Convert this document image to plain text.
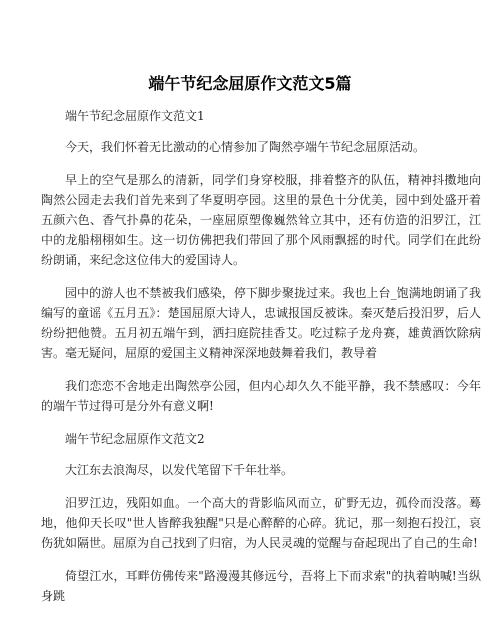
端午节纪念屈原作文范文5篇

端午节纪念屈原作文范文1

今天，我们怀着无比激动的心情参加了陶然亭端午节纪念屈原活动。

早上的空气是那么的清新，同学们身穿校服，排着整齐的队伍，精神抖擞地向陶然公园走去我们首先来到了华夏明亭园。这里的景色十分优美，园中到处盛开着五颜六色、香气扑鼻的花朵，一座屈原塑像巍然耸立其中，还有仿造的汨罗江，江中的龙船栩栩如生。这一切仿佛把我们带回了那个风雨飘摇的时代。同学们在此纷纷朗诵，来纪念这位伟大的爱国诗人。

园中的游人也不禁被我们感染，停下脚步聚拢过来。我也上台_饱满地朗诵了我编写的童谣《五月五》：楚国屈原大诗人，忠诚报国反被诛。秦灭楚后投汨罗，后人纷纷把他赞。五月初五端午到，洒扫庭院挂香艾。吃过粽子龙舟赛，雄黄酒饮除病害。毫无疑问，屈原的爱国主义精神深深地鼓舞着我们，教导着

我们恋恋不舍地走出陶然亭公园，但内心却久久不能平静，我不禁感叹：今年的端午节过得可是分外有意义啊!

端午节纪念屈原作文范文2

大江东去浪淘尽，以发代笔留下千年壮举。

汨罗江边，残阳如血。一个高大的背影临风而立，矿野无边，孤伶而没落。蓦地，他仰天长叹"世人皆醉我独醒"只是心醉醉的心碎。犹记，那一刻抱石投江，哀伤犹如隔世。屈原为自己找到了归宿，为人民灵魂的觉醒与奋起现出了自己的生命!

倚望江水，耳畔仿佛传来"路漫漫其修远兮，吾将上下而求索"的执着呐喊!当纵身跳
